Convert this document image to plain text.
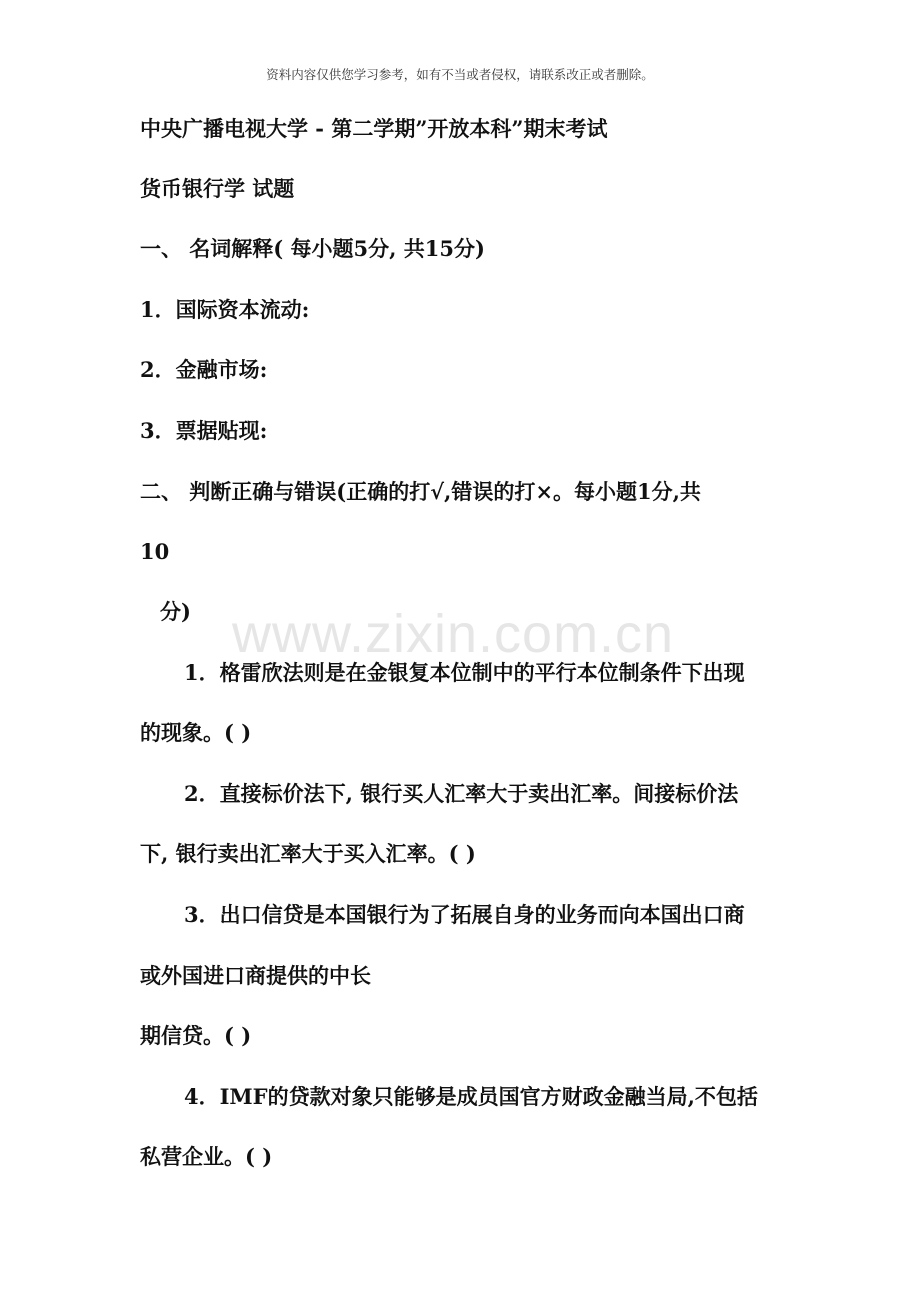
资料内容仅供您学习参考，如有不当或者侵权，请联系改正或者删除。
中央广播电视大学 - 第二学期”开放本科”期末考试
货币银行学 试题
一、 名词解释( 每小题5分, 共15分)
1．国际资本流动:
2．金融市场:
3．票据贴现:
二、 判断正确与错误(正确的打√,错误的打×。每小题1分,共
10
分) www.zixin.com.cn
1．格雷欣法则是在金银复本位制中的平行本位制条件下出现
的现象。( )
2．直接标价法下, 银行买人汇率大于卖出汇率。间接标价法
下, 银行卖出汇率大于买入汇率。( )
3．出口信贷是本国银行为了拓展自身的业务而向本国出口商
或外国进口商提供的中长
期信贷。( )
4．IMF的贷款对象只能够是成员国官方财政金融当局,不包括
私营企业。( )
